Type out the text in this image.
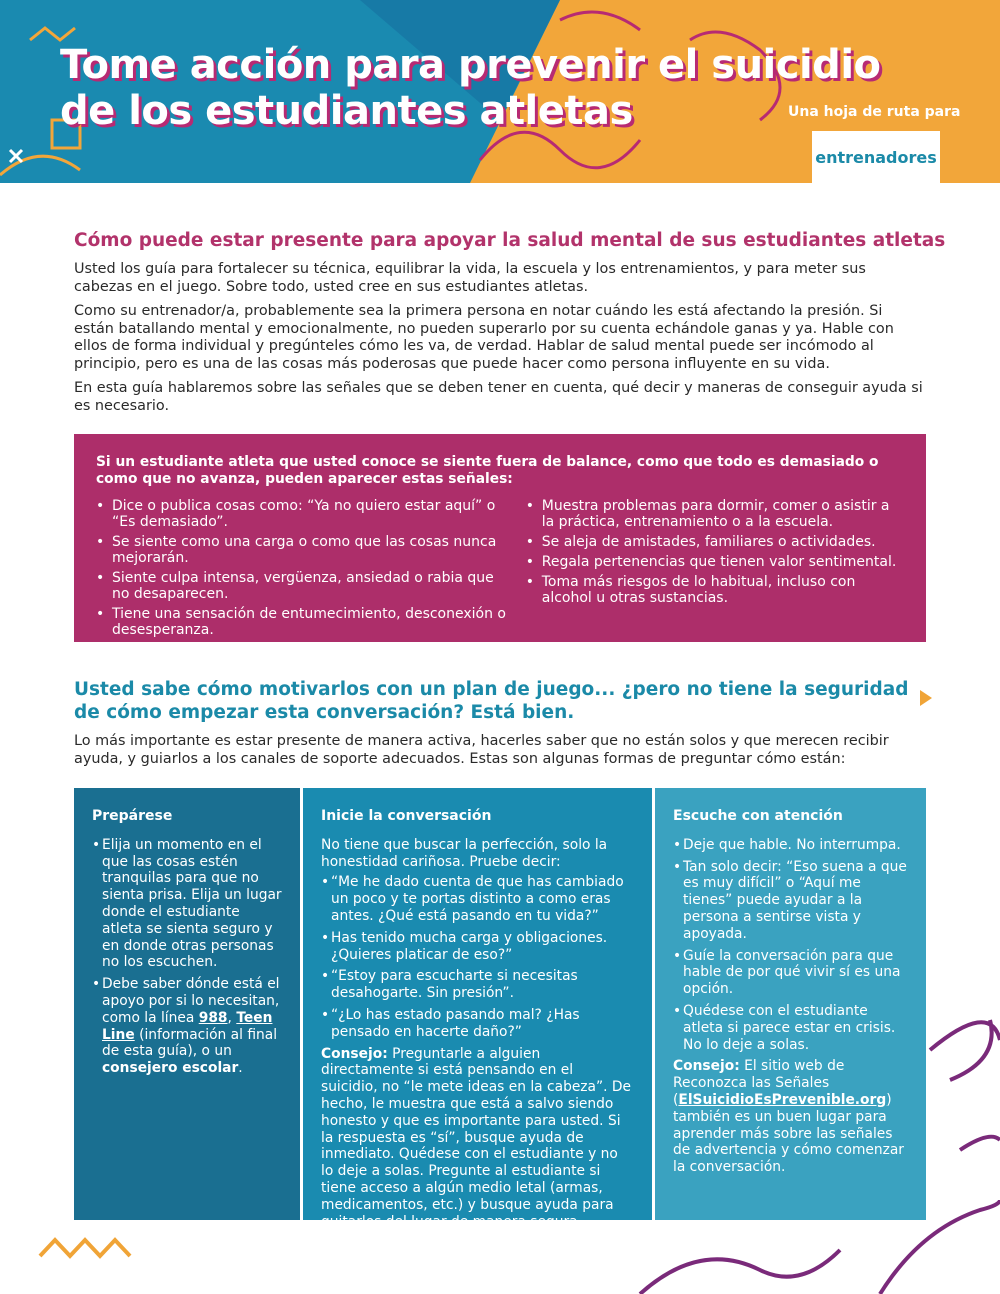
Tome acción para prevenir el suicidio de los estudiantes atletas	Una hoja de ruta para
entrenadores
Cómo puede estar presente para apoyar la salud mental de sus estudiantes atletas

Usted los guía para fortalecer su técnica, equilibrar la vida, la escuela y los entrenamientos, y para meter sus cabezas en el juego. Sobre todo, usted cree en sus estudiantes atletas.

Como su entrenador/a, probablemente sea la primera persona en notar cuándo les está afectando la presión. Si están batallando mental y emocionalmente, no pueden superarlo por su cuenta echándole ganas y ya. Hable con ellos de forma individual y pregúnteles cómo les va, de verdad. Hablar de salud mental puede ser incómodo al principio, pero es una de las cosas más poderosas que puede hacer como persona influyente en su vida.

En esta guía hablaremos sobre las señales que se deben tener en cuenta, qué decir y maneras de conseguir ayuda si es necesario.

Si un estudiante atleta que usted conoce se siente fuera de balance, como que todo es demasiado o como que no avanza, pueden aparecer estas señales:

• Dice o publica cosas como: “Ya no quiero estar aquí” o “Es demasiado”.
• Se siente como una carga o como que las cosas nunca mejorarán.
• Siente culpa intensa, vergüenza, ansiedad o rabia que no desaparecen.
• Tiene una sensación de entumecimiento, desconexión o desesperanza.
• Muestra problemas para dormir, comer o asistir a la práctica, entrenamiento o a la escuela.
• Se aleja de amistades, familiares o actividades.
• Regala pertenencias que tienen valor sentimental.
• Toma más riesgos de lo habitual, incluso con alcohol u otras sustancias.
Usted sabe cómo motivarlos con un plan de juego... ¿pero no tiene la seguridad de cómo empezar esta conversación? Está bien.

Lo más importante es estar presente de manera activa, hacerles saber que no están solos y que merecen recibir ayuda, y guiarlos a los canales de soporte adecuados. Estas son algunas formas de preguntar cómo están:

Prepárese
• Elija un momento en el que las cosas estén tranquilas para que no sienta prisa. Elija un lugar donde el estudiante atleta se sienta seguro y en donde otras personas no los escuchen.
• Debe saber dónde está el apoyo por si lo necesitan, como la línea 988, Teen Line (información al final de esta guía), o un consejero escolar.
Inicie la conversación

No tiene que buscar la perfección, solo la honestidad cariñosa. Pruebe decir:

• “Me he dado cuenta de que has cambiado un poco y te portas distinto a como eras antes. ¿Qué está pasando en tu vida?”
• Has tenido mucha carga y obligaciones. ¿Quieres platicar de eso?”
• “Estoy para escucharte si necesitas desahogarte. Sin presión”.
• “¿Lo has estado pasando mal? ¿Has pensado en hacerte daño?”

Consejo: Preguntarle a alguien directamente si está pensando en el suicidio, no “le mete ideas en la cabeza”. De hecho, le muestra que está a salvo siendo honesto y que es importante para usted. Si la respuesta es “sí”, busque ayuda de inmediato. Quédese con el estudiante y no lo deje a solas. Pregunte al estudiante si tiene acceso a algún medio letal (armas, medicamentos, etc.) y busque ayuda para quitarlos del lugar de manera segura.

Escuche con atención
• Deje que hable. No interrumpa.
• Tan solo decir: “Eso suena a que es muy difícil” o “Aquí me tienes” puede ayudar a la persona a sentirse vista y apoyada.
• Guíe la conversación para que hable de por qué vivir sí es una opción.
• Quédese con el estudiante atleta si parece estar en crisis. No lo deje a solas.

Consejo: El sitio web de Reconozca las Señales (ElSuicidioEsPrevenible.org) también es un buen lugar para aprender más sobre las señales de advertencia y cómo comenzar la conversación.
